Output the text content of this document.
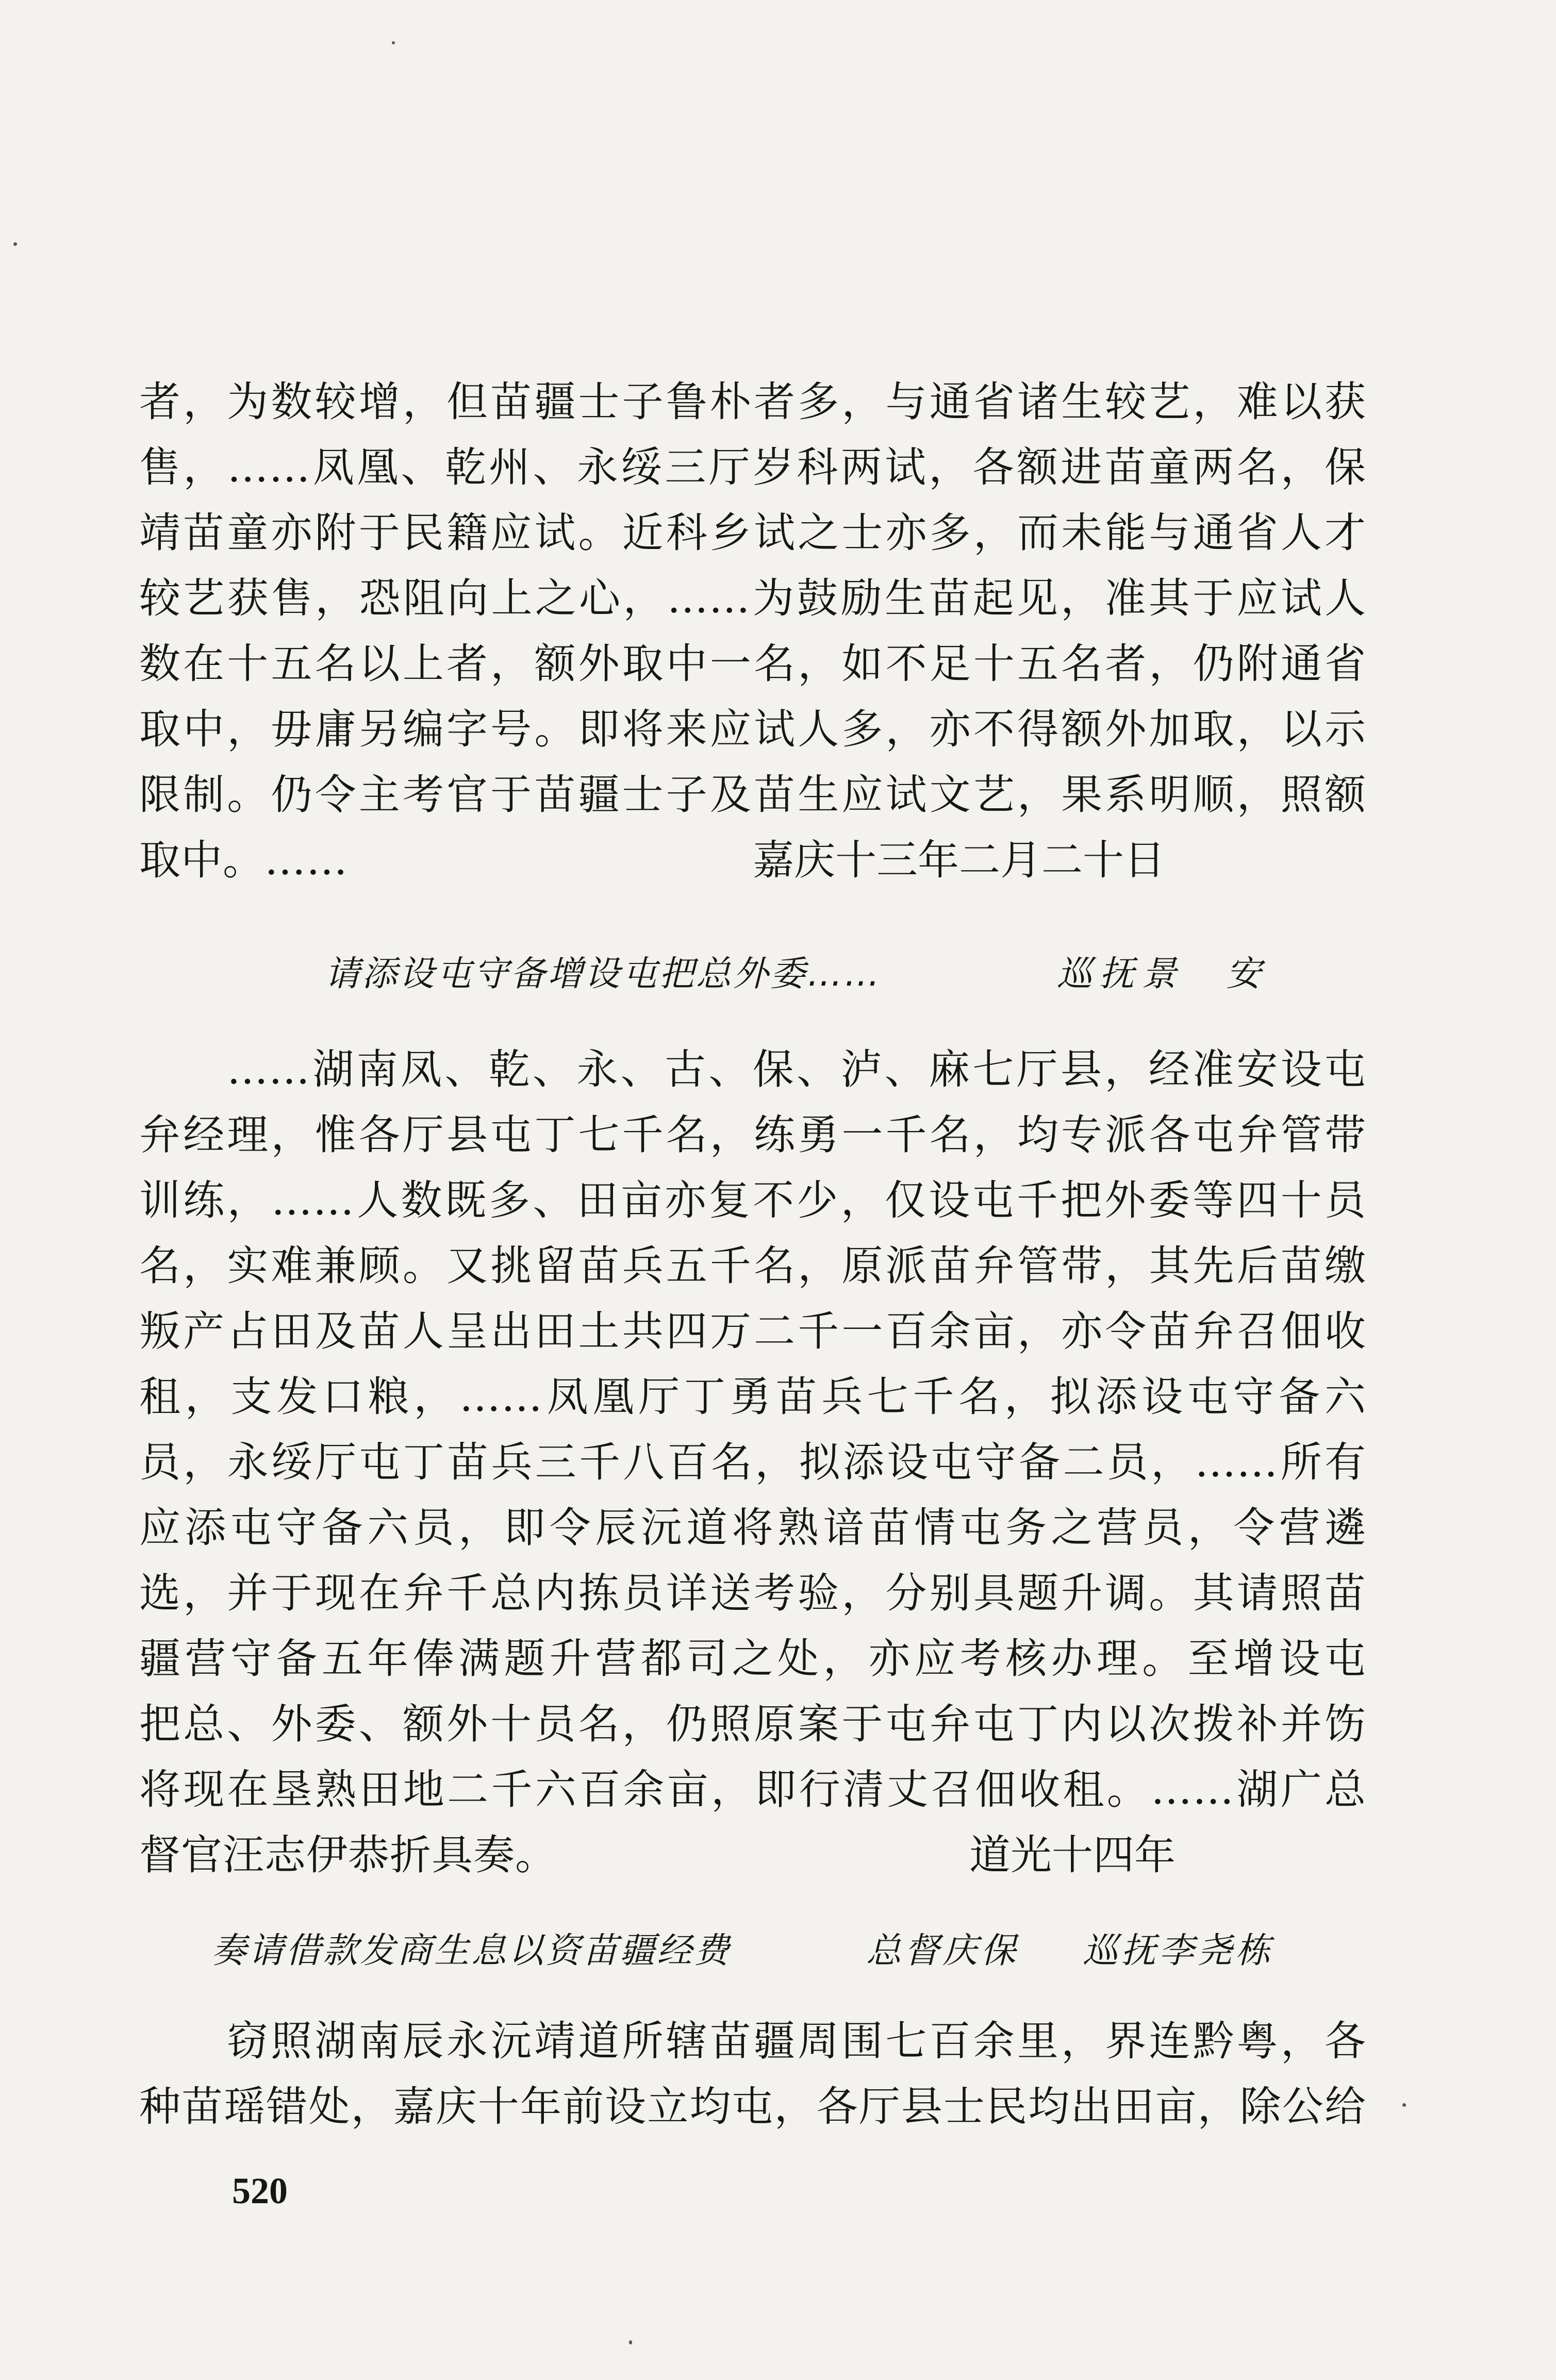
者，为数较增，但苗疆士子鲁朴者多，与通省诸生较艺，难以获
售，……凤凰、乾州、永绥三厅岁科两试，各额进苗童两名，保
靖苗童亦附于民籍应试。近科乡试之士亦多，而未能与通省人才
较艺获售，恐阻向上之心，……为鼓励生苗起见，准其于应试人
数在十五名以上者，额外取中一名，如不足十五名者，仍附通省
取中，毋庸另编字号。即将来应试人多，亦不得额外加取，以示
限制。仍令主考官于苗疆士子及苗生应试文艺，果系明顺，照额
取中。……	嘉庆十三年二月二十日
请添设屯守备增设屯把总外委……	巡抚景　安
……湖南凤、乾、永、古、保、泸、麻七厅县，经准安设屯
弁经理，惟各厅县屯丁七千名，练勇一千名，均专派各屯弁管带
训练，……人数既多、田亩亦复不少，仅设屯千把外委等四十员
名，实难兼顾。又挑留苗兵五千名，原派苗弁管带，其先后苗缴
叛产占田及苗人呈出田土共四万二千一百余亩，亦令苗弁召佃收
租，支发口粮，……凤凰厅丁勇苗兵七千名，拟添设屯守备六
员，永绥厅屯丁苗兵三千八百名，拟添设屯守备二员，……所有
应添屯守备六员，即令辰沅道将熟谙苗情屯务之营员，令营遴
选，并于现在弁千总内拣员详送考验，分别具题升调。其请照苗
疆营守备五年俸满题升营都司之处，亦应考核办理。至增设屯
把总、外委、额外十员名，仍照原案于屯弁屯丁内以次拨补并饬
将现在垦熟田地二千六百余亩，即行清丈召佃收租。……湖广总
督官汪志伊恭折具奏。	道光十四年
奏请借款发商生息以资苗疆经费	总督庆保 巡抚李尧栋
窃照湖南辰永沅靖道所辖苗疆周围七百余里，界连黔粤，各
种苗瑶错处，嘉庆十年前设立均屯，各厅县士民均出田亩，除公给
520
